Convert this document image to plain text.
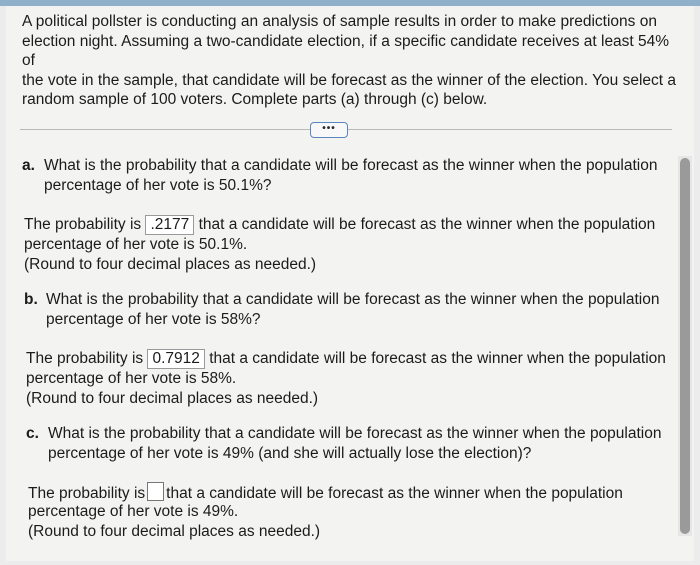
A political pollster is conducting an analysis of sample results in order to make predictions on
election night. Assuming a two-candidate election, if a specific candidate receives at least 54% of
the vote in the sample, that candidate will be forecast as the winner of the election. You select a
random sample of 100 voters. Complete parts (a) through (c) below.
•••
a. What is the probability that a candidate will be forecast as the winner when the population
percentage of her vote is 50.1%?
The probability is .2177 that a candidate will be forecast as the winner when the population
percentage of her vote is 50.1%.
(Round to four decimal places as needed.)
b. What is the probability that a candidate will be forecast as the winner when the population
percentage of her vote is 58%?
The probability is 0.7912 that a candidate will be forecast as the winner when the population
percentage of her vote is 58%.
(Round to four decimal places as needed.)
c. What is the probability that a candidate will be forecast as the winner when the population
percentage of her vote is 49% (and she will actually lose the election)?
The probability is that a candidate will be forecast as the winner when the population
percentage of her vote is 49%.
(Round to four decimal places as needed.)
